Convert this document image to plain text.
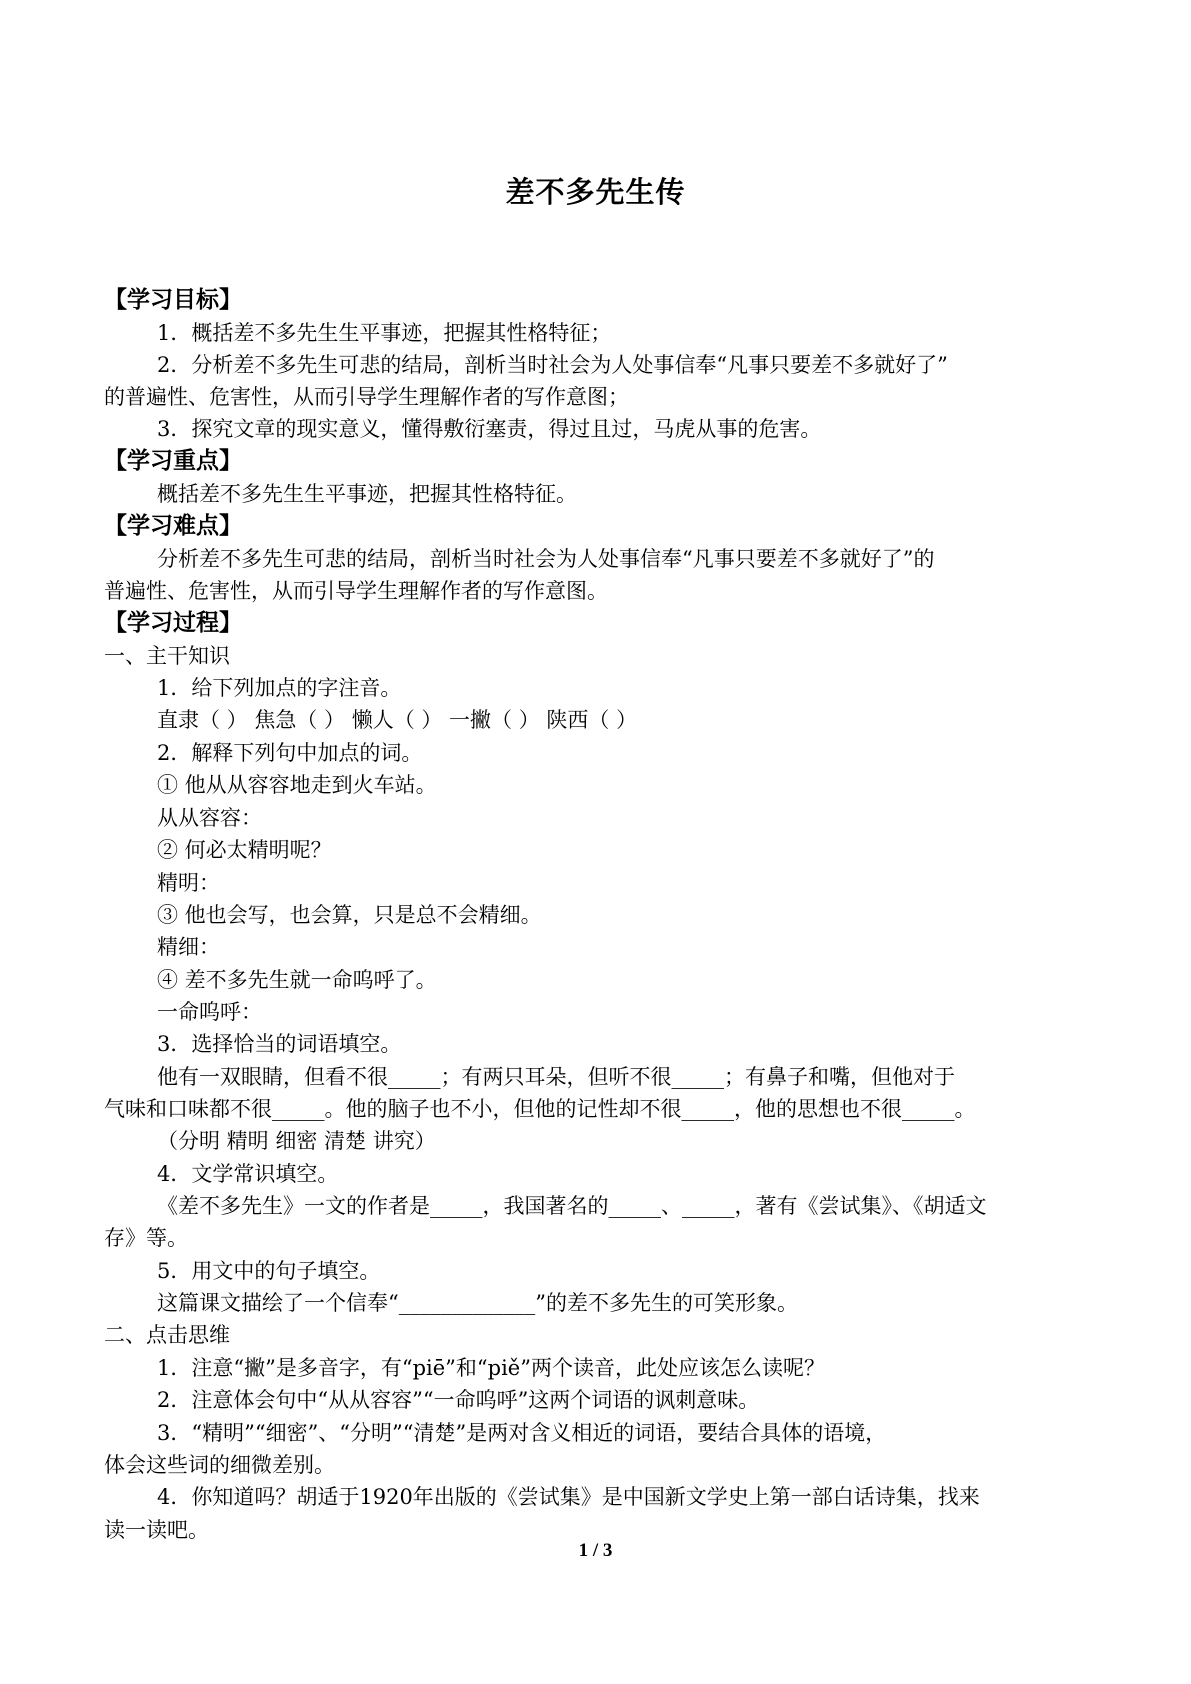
差不多先生传
【学习目标】
1．概括差不多先生生平事迹，把握其性格特征；
2．分析差不多先生可悲的结局，剖析当时社会为人处事信奉“凡事只要差不多就好了”
的普遍性、危害性，从而引导学生理解作者的写作意图；
3．探究文章的现实意义，懂得敷衍塞责，得过且过，马虎从事的危害。
【学习重点】
概括差不多先生生平事迹，把握其性格特征。
【学习难点】
分析差不多先生可悲的结局，剖析当时社会为人处事信奉“凡事只要差不多就好了”的
普遍性、危害性，从而引导学生理解作者的写作意图。
【学习过程】
一、主干知识
1．给下列加点的字注音。
直隶（ ） 焦急（ ） 懒人（ ） 一撇（ ） 陕西（ ）
2．解释下列句中加点的词。
① 他从从容容地走到火车站。
从从容容：
② 何必太精明呢？
精明：
③ 他也会写，也会算，只是总不会精细。
精细：
④ 差不多先生就一命呜呼了。
一命呜呼：
3．选择恰当的词语填空。
他有一双眼睛，但看不很_____；有两只耳朵，但听不很_____；有鼻子和嘴，但他对于
气味和口味都不很_____。他的脑子也不小，但他的记性却不很_____，他的思想也不很_____。
（分明 精明 细密 清楚 讲究）
4．文学常识填空。
《差不多先生》一文的作者是_____，我国著名的_____、_____，著有《尝试集》、《胡适文
存》等。
5．用文中的句子填空。
这篇课文描绘了一个信奉“_____________”的差不多先生的可笑形象。
二、点击思维
1．注意“撇”是多音字，有“piē”和“piě”两个读音，此处应该怎么读呢？
2．注意体会句中“从从容容”“一命呜呼”这两个词语的讽刺意味。
3．“精明”“细密”、“分明”“清楚”是两对含义相近的词语，要结合具体的语境，
体会这些词的细微差别。
4．你知道吗？胡适于1920年出版的《尝试集》是中国新文学史上第一部白话诗集，找来
读一读吧。
1 / 3
